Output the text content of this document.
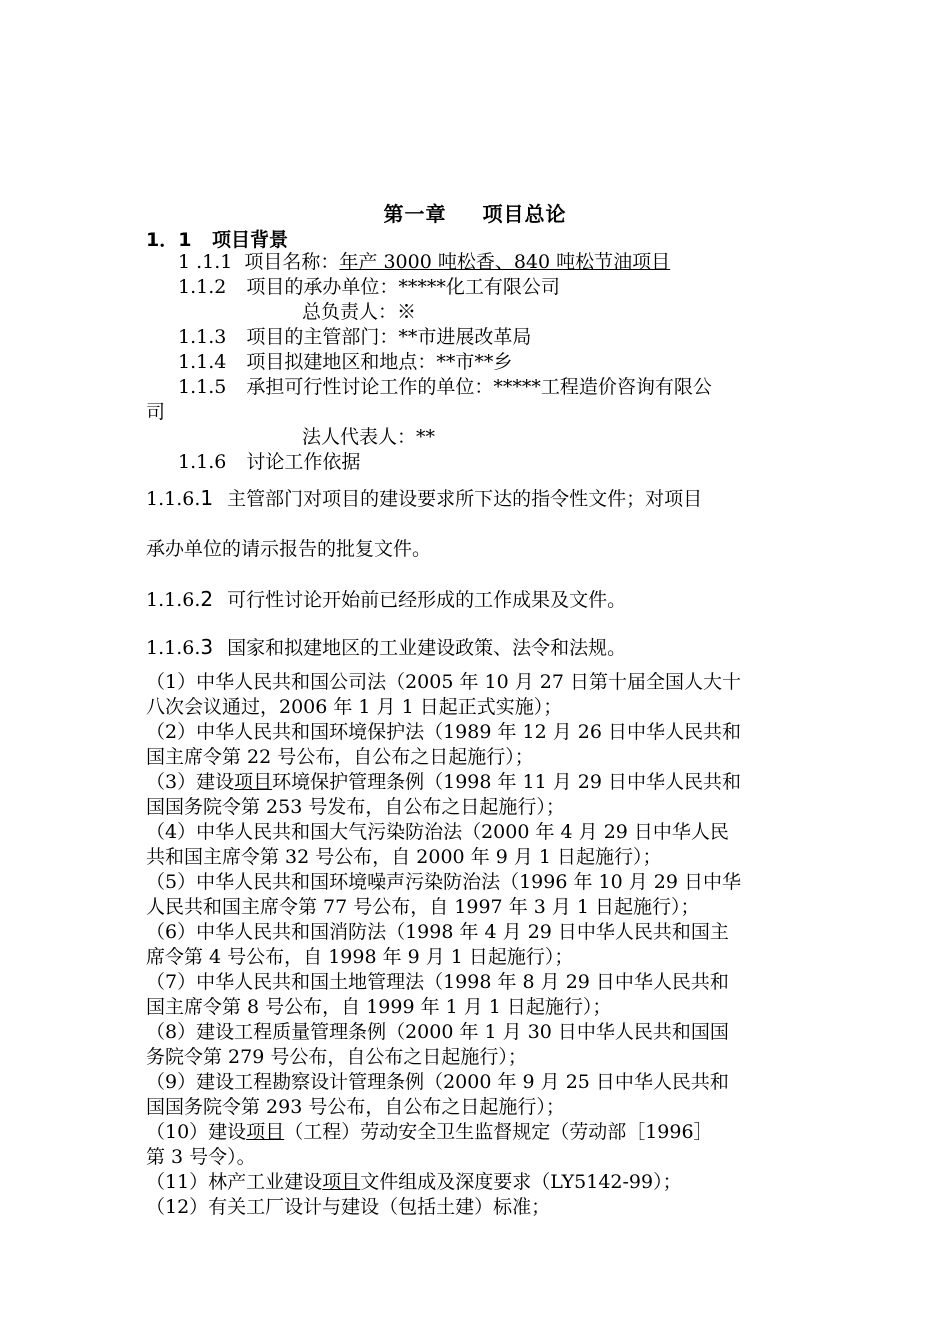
第一章 项目总论
1．1 项目背景
1 .1.1 项目名称：年产 3000 吨松香、840 吨松节油项目
1.1.2 项目的承办单位：*****化工有限公司
总负责人：※
1.1.3 项目的主管部门：**市进展改革局
1.1.4 项目拟建地区和地点：**市**乡
1.1.5 承担可行性讨论工作的单位：*****工程造价咨询有限公
司
法人代表人：**
1.1.6 讨论工作依据
1.1.6.1 主管部门对项目的建设要求所下达的指令性文件；对项目
承办单位的请示报告的批复文件。
1.1.6.2 可行性讨论开始前已经形成的工作成果及文件。
1.1.6.3 国家和拟建地区的工业建设政策、法令和法规。
（1）中华人民共和国公司法（2005 年 10 月 27 日第十届全国人大十
八次会议通过，2006 年 1 月 1 日起正式实施）；
（2）中华人民共和国环境保护法（1989 年 12 月 26 日中华人民共和
国主席令第 22 号公布，自公布之日起施行）；
（3）建设项目环境保护管理条例（1998 年 11 月 29 日中华人民共和
国国务院令第 253 号发布，自公布之日起施行）；
（4）中华人民共和国大气污染防治法（2000 年 4 月 29 日中华人民
共和国主席令第 32 号公布，自 2000 年 9 月 1 日起施行）；
（5）中华人民共和国环境噪声污染防治法（1996 年 10 月 29 日中华
人民共和国主席令第 77 号公布，自 1997 年 3 月 1 日起施行）；
（6）中华人民共和国消防法（1998 年 4 月 29 日中华人民共和国主
席令第 4 号公布，自 1998 年 9 月 1 日起施行）；
（7）中华人民共和国土地管理法（1998 年 8 月 29 日中华人民共和
国主席令第 8 号公布，自 1999 年 1 月 1 日起施行）；
（8）建设工程质量管理条例（2000 年 1 月 30 日中华人民共和国国
务院令第 279 号公布，自公布之日起施行）；
（9）建设工程勘察设计管理条例（2000 年 9 月 25 日中华人民共和
国国务院令第 293 号公布，自公布之日起施行）；
（10）建设项目（工程）劳动安全卫生监督规定（劳动部［1996］
第 3 号令）。
（11）林产工业建设项目文件组成及深度要求（LY5142-99）；
（12）有关工厂设计与建设（包括土建）标准；
